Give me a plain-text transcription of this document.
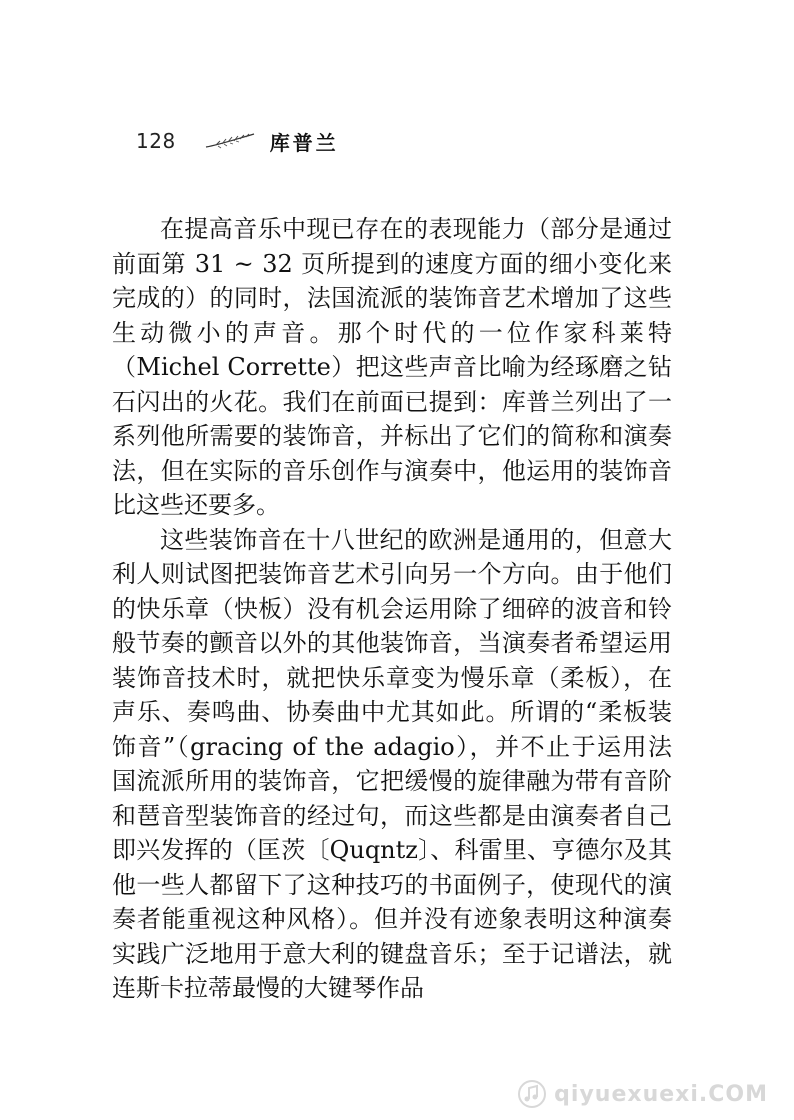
128	库普兰

在提高音乐中现已存在的表现能力（部分是通过前面第 31 ~ 32 页所提到的速度方面的细小变化来完成的）的同时，法国流派的装饰音艺术增加了这些生动微小的声音。那个时代的一位作家科莱特（Michel Corrette）把这些声音比喻为经琢磨之钻石闪出的火花。我们在前面已提到：库普兰列出了一系列他所需要的装饰音，并标出了它们的简称和演奏法，但在实际的音乐创作与演奏中，他运用的装饰音比这些还要多。

这些装饰音在十八世纪的欧洲是通用的，但意大利人则试图把装饰音艺术引向另一个方向。由于他们的快乐章（快板）没有机会运用除了细碎的波音和铃般节奏的颤音以外的其他装饰音，当演奏者希望运用装饰音技术时，就把快乐章变为慢乐章（柔板），在声乐、奏鸣曲、协奏曲中尤其如此。所谓的“柔板装饰音”（gracing of the adagio），并不止于运用法国流派所用的装饰音，它把缓慢的旋律融为带有音阶和琶音型装饰音的经过句，而这些都是由演奏者自己即兴发挥的（匡茨〔Quqntz〕、科雷里、亨德尔及其他一些人都留下了这种技巧的书面例子，使现代的演奏者能重视这种风格）。但并没有迹象表明这种演奏实践广泛地用于意大利的键盘音乐；至于记谱法，就连斯卡拉蒂最慢的大键琴作品

qiyuexuexi.COM
